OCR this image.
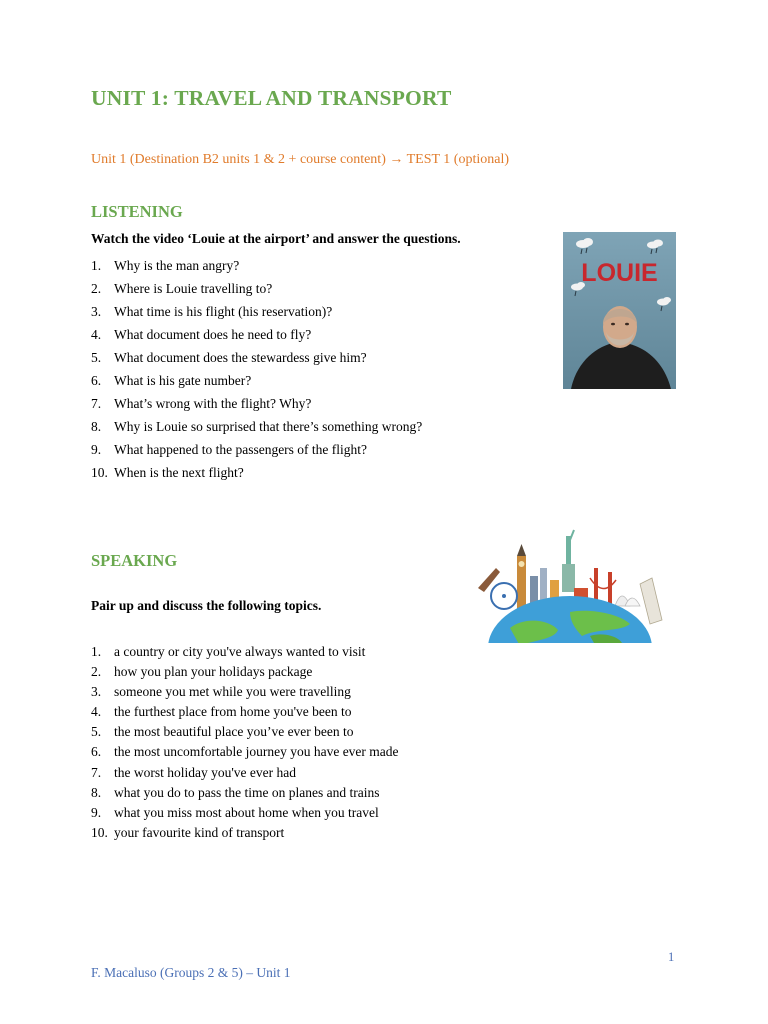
UNIT 1: TRAVEL AND TRANSPORT
Unit 1 (Destination B2 units 1 & 2 + course content) → TEST 1 (optional)
LISTENING
Watch the video ‘Louie at the airport’ and answer the questions.
1. Why is the man angry?
2. Where is Louie travelling to?
3. What time is his flight (his reservation)?
4. What document does he need to fly?
5. What document does the stewardess give him?
6. What is his gate number?
7. What’s wrong with the flight? Why?
8. Why is Louie so surprised that there’s something wrong?
9. What happened to the passengers of the flight?
10. When is the next flight?
LOUIE
SPEAKING
Pair up and discuss the following topics.
1. a country or city you've always wanted to visit
2. how you plan your holidays package
3. someone you met while you were travelling
4. the furthest place from home you've been to
5. the most beautiful place you’ve ever been to
6. the most uncomfortable journey you have ever made
7. the worst holiday you've ever had
8. what you do to pass the time on planes and trains
9. what you miss most about home when you travel
10. your favourite kind of transport
1
F. Macaluso (Groups 2 & 5) – Unit 1
